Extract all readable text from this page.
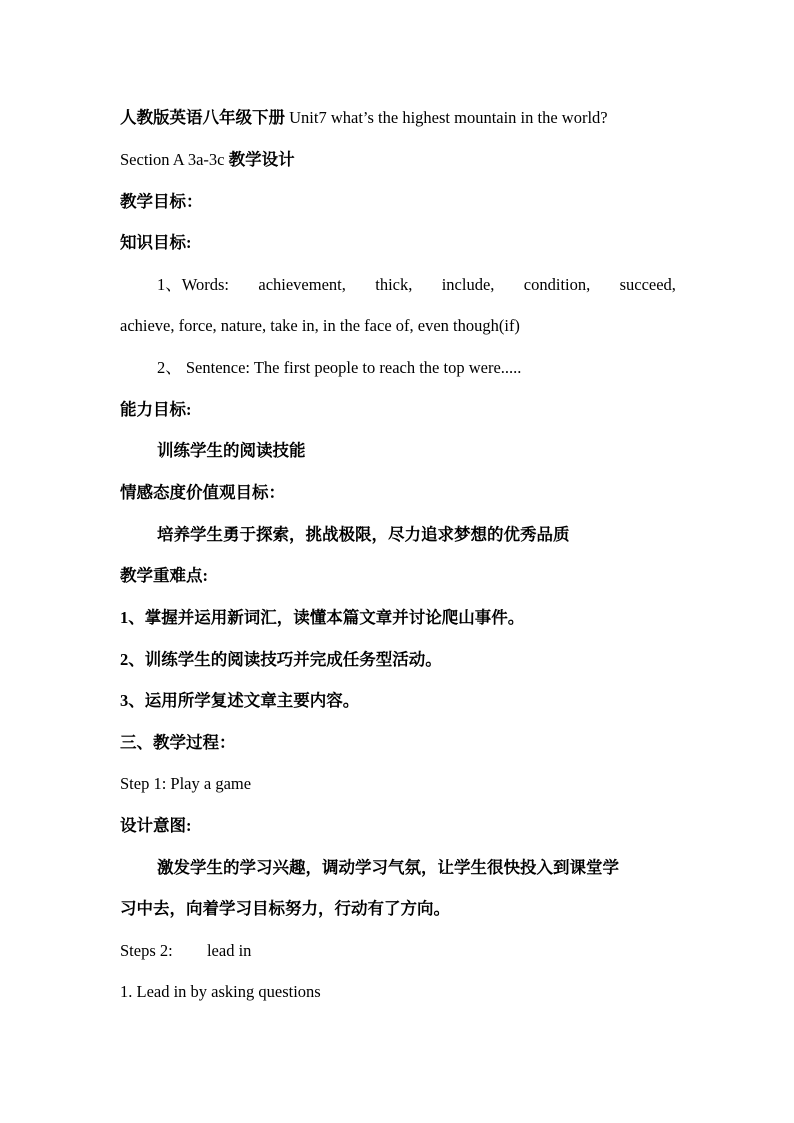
人教版英语八年级下册 Unit7 what’s the highest mountain in the world?
Section A 3a-3c 教学设计
教学目标：
知识目标:
1、Words: achievement, thick, include, condition, succeed,
achieve, force, nature, take in, in the face of, even though(if)
2、 Sentence: The first people to reach the top were.....
能力目标:
训练学生的阅读技能
情感态度价值观目标：
培养学生勇于探索，挑战极限，尽力追求梦想的优秀品质
教学重难点:
1、掌握并运用新词汇，读懂本篇文章并讨论爬山事件。
2、训练学生的阅读技巧并完成任务型活动。
3、运用所学复述文章主要内容。
三、教学过程：
Step 1: Play a game
设计意图:
激发学生的学习兴趣，调动学习气氛，让学生很快投入到课堂学
习中去，向着学习目标努力，行动有了方向。
Steps 2: lead in
1. Lead in by asking questions
